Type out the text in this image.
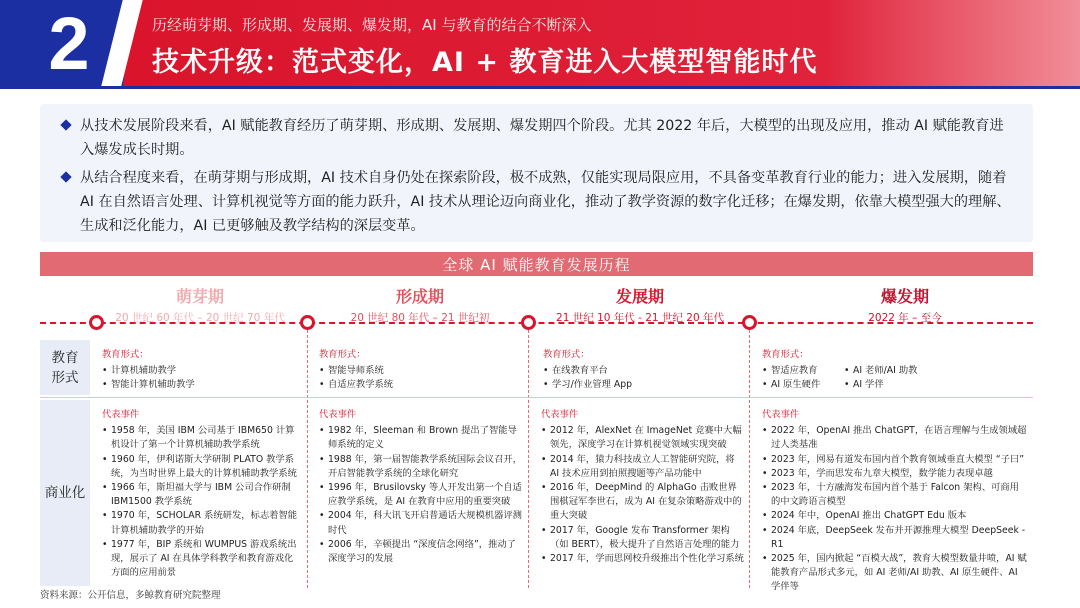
2	历经萌芽期、形成期、发展期、爆发期，AI 与教育的结合不断深入
技术升级：范式变化，AI + 教育进入大模型智能时代
从技术发展阶段来看，AI 赋能教育经历了萌芽期、形成期、发展期、爆发期四个阶段。尤其 2022 年后，大模型的出现及应用，推动 AI 赋能教育进入爆发成长时期。
从结合程度来看，在萌芽期与形成期，AI 技术自身仍处在探索阶段，极不成熟，仅能实现局限应用，不具备变革教育行业的能力；进入发展期，随着 AI 在自然语言处理、计算机视觉等方面的能力跃升，AI 技术从理论迈向商业化，推动了教学资源的数字化迁移；在爆发期，依靠大模型强大的理解、生成和泛化能力，AI 已更够触及教学结构的深层变革。
全球 AI 赋能教育发展历程
萌芽期
20 世纪 60 年代 – 20 世纪 70 年代
形成期
20 世纪 80 年代 – 21 世纪初
发展期
21 世纪 10 年代 - 21 世纪 20 年代
爆发期
2022 年 – 至今
教育
形式
商业化
教育形式：
• 计算机辅助教学
• 智能计算机辅助教学
教育形式：
• 智能导师系统
• 自适应教学系统
教育形式：
• 在线教育平台
• 学习/作业管理 App
教育形式：
• 智适应教育
• AI 原生硬件
• AI 老师/AI 助教
• AI 学伴
代表事件
• 1958 年，美国 IBM 公司基于 IBM650 计算机设计了第一个计算机辅助教学系统
• 1960 年，伊利诺斯大学研制 PLATO 教学系统，为当时世界上最大的计算机辅助教学系统
• 1966 年，斯坦福大学与 IBM 公司合作研制 IBM1500 教学系统
• 1970 年，SCHOLAR 系统研发，标志着智能计算机辅助教学的开始
• 1977 年，BIP 系统和 WUMPUS 游戏系统出现，展示了 AI 在具体学科教学和教育游戏化方面的应用前景
代表事件
• 1982 年，Sleeman 和 Brown 提出了智能导师系统的定义
• 1988 年，第一届智能教学系统国际会议召开，开启智能教学系统的全球化研究
• 1996 年，Brusilovsky 等人开发出第一个自适应教学系统，是 AI 在教育中应用的重要突破
• 2004 年，科大讯飞开启普通话大规模机器评测时代
• 2006 年，辛顿提出 “深度信念网络”，推动了深度学习的发展
代表事件
• 2012 年，AlexNet 在 ImageNet 竞赛中大幅领先，深度学习在计算机视觉领域实现突破
• 2014 年，猿力科技成立人工智能研究院，将 AI 技术应用到拍照搜题等产品功能中
• 2016 年，DeepMind 的 AlphaGo 击败世界围棋冠军李世石，成为 AI 在复杂策略游戏中的重大突破
• 2017 年，Google 发布 Transformer 架构（如 BERT），极大提升了自然语言处理的能力
• 2017 年，学而思网校升级推出个性化学习系统
代表事件
• 2022 年，OpenAI 推出 ChatGPT，在语言理解与生成领域超过人类基准
• 2023 年，网易有道发布国内首个教育领域垂直大模型 “子曰”
• 2023 年，学而思发布九章大模型，数学能力表现卓越
• 2023 年，十方融海发布国内首个基于 Falcon 架构、可商用的中文跨语言模型
• 2024 年中，OpenAI 推出 ChatGPT Edu 版本
• 2024 年底，DeepSeek 发布并开源推理大模型 DeepSeek - R1
• 2025 年，国内掀起 “百模大战”，教育大模型数量井喷，AI 赋能教育产品形式多元，如 AI 老师/AI 助教、AI 原生硬件、AI 学伴等
资料来源：公开信息，多鲸教育研究院整理
